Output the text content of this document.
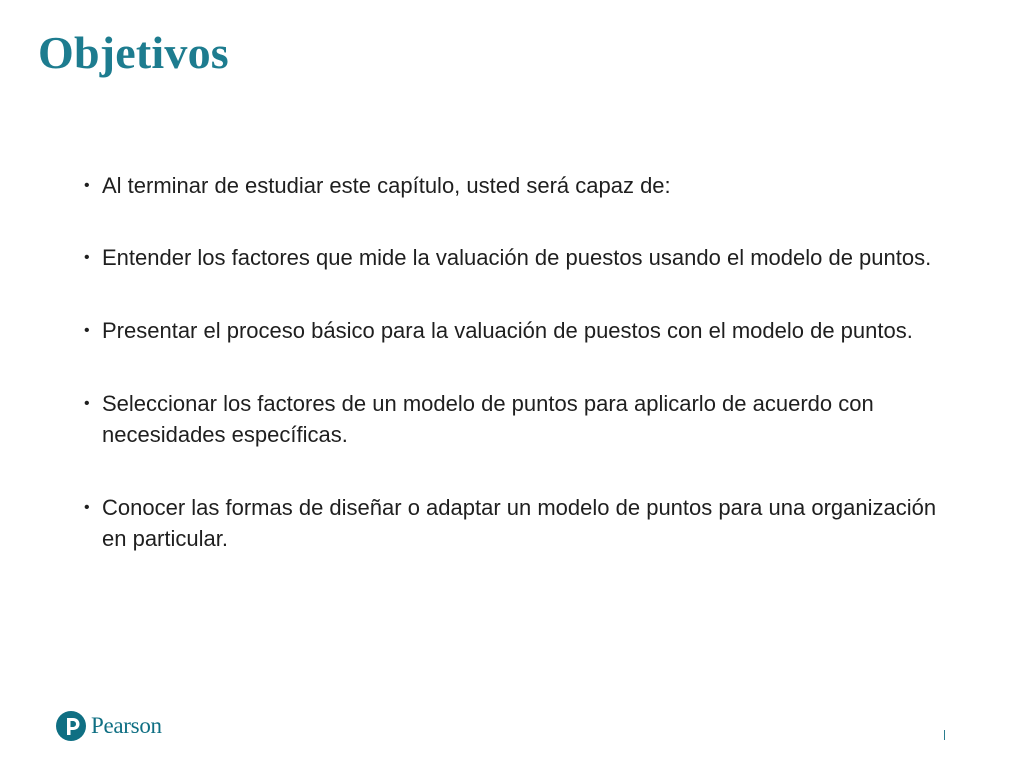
Objetivos
• Al terminar de estudiar este capítulo, usted será capaz de:
• Entender los factores que mide la valuación de puestos usando el modelo de puntos.
• Presentar el proceso básico para la valuación de puestos con el modelo de puntos.
• Seleccionar los factores de un modelo de puntos para aplicarlo de acuerdo con necesidades específicas.
• Conocer las formas de diseñar o adaptar un modelo de puntos para una organización en particular.
Pearson
